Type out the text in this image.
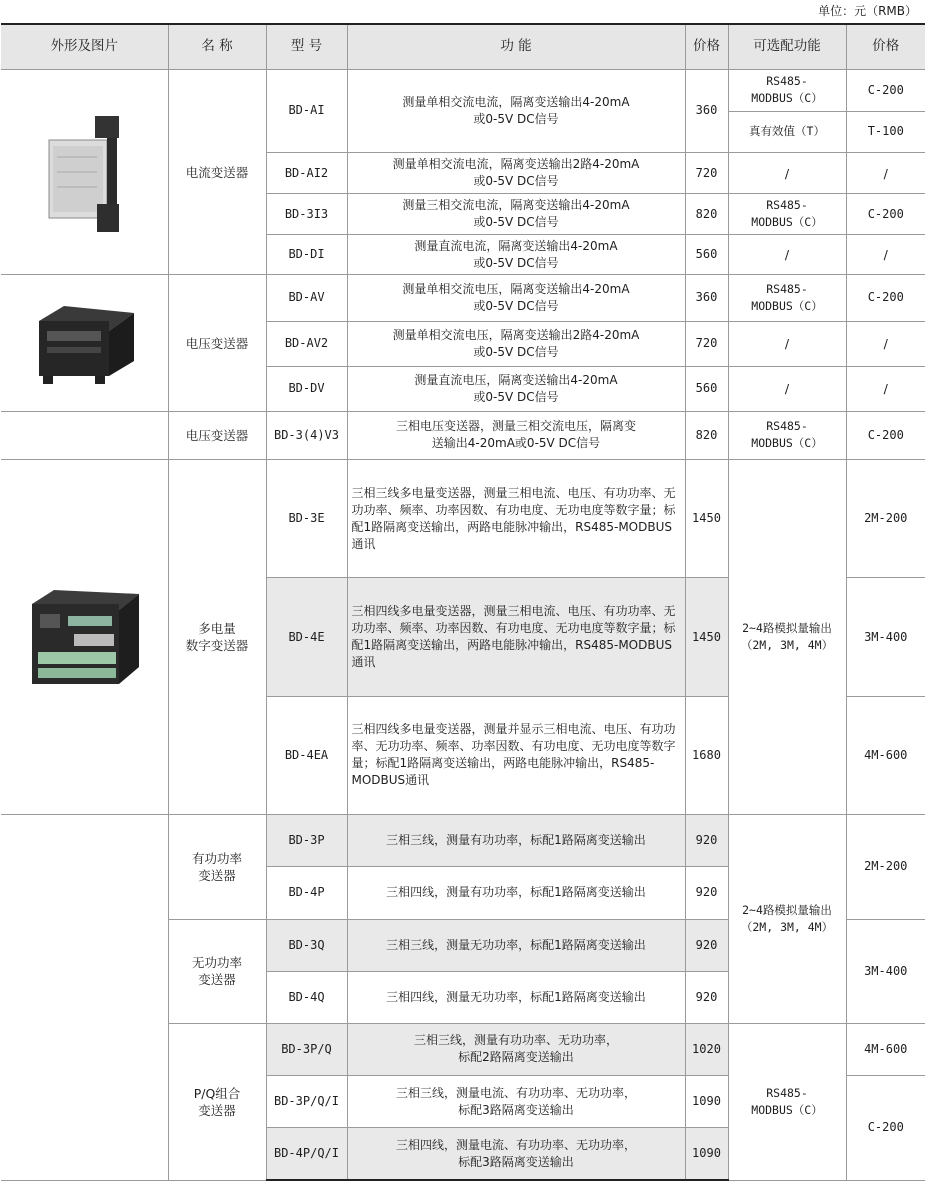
单位：元（RMB）
外形及图片	名 称	型 号	功 能	价格	可选配功能	价格

	电流变送器	BD-AI	测量单相交流电流，隔离变送输出4-20mA
或0-5V DC信号	360	RS485-
MODBUS（C）	C-200
					真有效值（T）	T-100
		BD-AI2	测量单相交流电流，隔离变送输出2路4-20mA
或0-5V DC信号	720	/	/
		BD-3I3	测量三相交流电流，隔离变送输出4-20mA
或0-5V DC信号	820	RS485-
MODBUS（C）	C-200
		BD-DI	测量直流电流，隔离变送输出4-20mA
或0-5V DC信号	560	/	/

	电压变送器	BD-AV	测量单相交流电压，隔离变送输出4-20mA
或0-5V DC信号	360	RS485-
MODBUS（C）	C-200
		BD-AV2	测量单相交流电压，隔离变送输出2路4-20mA
或0-5V DC信号	720	/	/
		BD-DV	测量直流电压，隔离变送输出4-20mA
或0-5V DC信号	560	/	/
	电压变送器	BD-3(4)V3	三相电压变送器，测量三相交流电压，隔离变
送输出4-20mA或0-5V DC信号	820	RS485-
MODBUS（C）	C-200

	多电量
数字变送器	BD-3E	三相三线多电量变送器，测量三相电流、电压、有功功率、无功功率、频率、功率因数、有功电度、无功电度等数字量；标配1路隔离变送输出，两路电能脉冲输出，RS485-MODBUS通讯	1450	2~4路模拟量输出
（2M, 3M, 4M）	2M-200
		BD-4E	三相四线多电量变送器，测量三相电流、电压、有功功率、无功功率、频率、功率因数、有功电度、无功电度等数字量；标配1路隔离变送输出，两路电能脉冲输出，RS485-MODBUS通讯	1450		3M-400
		BD-4EA	三相四线多电量变送器，测量并显示三相电流、电压、有功功率、无功功率、频率、功率因数、有功电度、无功电度等数字量；标配1路隔离变送输出，两路电能脉冲输出，RS485-MODBUS通讯	1680		4M-600
	有功功率
变送器	BD-3P	三相三线，测量有功功率，标配1路隔离变送输出	920	2~4路模拟量输出
（2M, 3M, 4M）	2M-200
		BD-4P	三相四线，测量有功功率，标配1路隔离变送输出	920		
	无功功率
变送器	BD-3Q	三相三线，测量无功功率，标配1路隔离变送输出	920		3M-400
		BD-4Q	三相四线，测量无功功率，标配1路隔离变送输出	920		
	P/Q组合
变送器	BD-3P/Q	三相三线，测量有功功率、无功功率，
标配2路隔离变送输出	1020	RS485-
MODBUS（C）	4M-600
		BD-3P/Q/I	三相三线，测量电流、有功功率、无功功率，
标配3路隔离变送输出	1090		C-200
		BD-4P/Q/I	三相四线，测量电流、有功功率、无功功率，
标配3路隔离变送输出	1090		
